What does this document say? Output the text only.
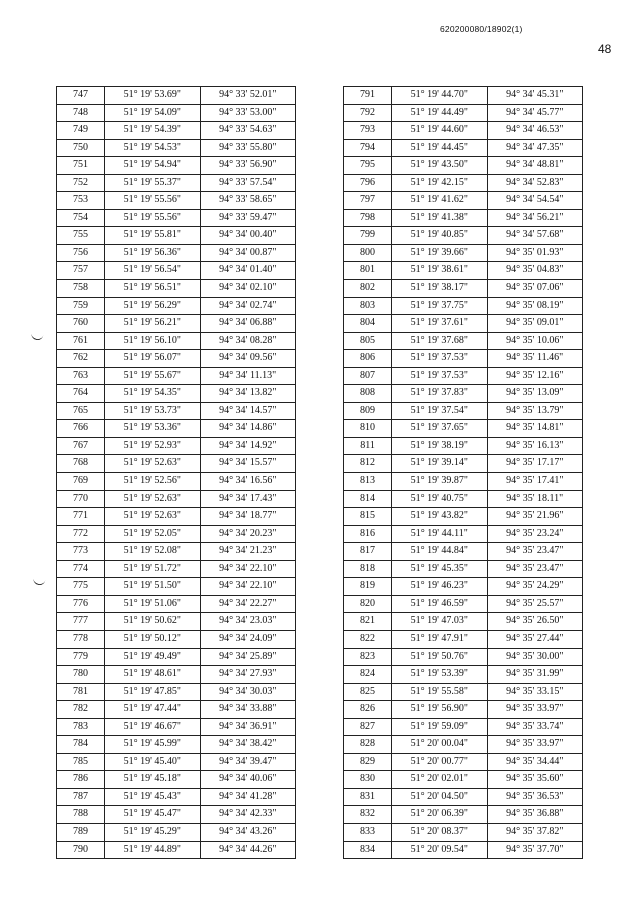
620200080/18902(1)
48
747	51° 19' 53.69"	94° 33' 52.01"
748	51° 19' 54.09"	94° 33' 53.00"
749	51° 19' 54.39"	94° 33' 54.63"
750	51° 19' 54.53"	94° 33' 55.80"
751	51° 19' 54.94"	94° 33' 56.90"
752	51° 19' 55.37"	94° 33' 57.54"
753	51° 19' 55.56"	94° 33' 58.65"
754	51° 19' 55.56"	94° 33' 59.47"
755	51° 19' 55.81"	94° 34' 00.40"
756	51° 19' 56.36"	94° 34' 00.87"
757	51° 19' 56.54"	94° 34' 01.40"
758	51° 19' 56.51"	94° 34' 02.10"
759	51° 19' 56.29"	94° 34' 02.74"
760	51° 19' 56.21"	94° 34' 06.88"
761	51° 19' 56.10"	94° 34' 08.28"
762	51° 19' 56.07"	94° 34' 09.56"
763	51° 19' 55.67"	94° 34' 11.13"
764	51° 19' 54.35"	94° 34' 13.82"
765	51° 19' 53.73"	94° 34' 14.57"
766	51° 19' 53.36"	94° 34' 14.86"
767	51° 19' 52.93"	94° 34' 14.92"
768	51° 19' 52.63"	94° 34' 15.57"
769	51° 19' 52.56"	94° 34' 16.56"
770	51° 19' 52.63"	94° 34' 17.43"
771	51° 19' 52.63"	94° 34' 18.77"
772	51° 19' 52.05"	94° 34' 20.23"
773	51° 19' 52.08"	94° 34' 21.23"
774	51° 19' 51.72"	94° 34' 22.10"
775	51° 19' 51.50"	94° 34' 22.10"
776	51° 19' 51.06"	94° 34' 22.27"
777	51° 19' 50.62"	94° 34' 23.03"
778	51° 19' 50.12"	94° 34' 24.09"
779	51° 19' 49.49"	94° 34' 25.89"
780	51° 19' 48.61"	94° 34' 27.93"
781	51° 19' 47.85"	94° 34' 30.03"
782	51° 19' 47.44"	94° 34' 33.88"
783	51° 19' 46.67"	94° 34' 36.91"
784	51° 19' 45.99"	94° 34' 38.42"
785	51° 19' 45.40"	94° 34' 39.47"
786	51° 19' 45.18"	94° 34' 40.06"
787	51° 19' 45.43"	94° 34' 41.28"
788	51° 19' 45.47"	94° 34' 42.33"
789	51° 19' 45.29"	94° 34' 43.26"
790	51° 19' 44.89"	94° 34' 44.26"
791	51° 19' 44.70"	94° 34' 45.31"
792	51° 19' 44.49"	94° 34' 45.77"
793	51° 19' 44.60"	94° 34' 46.53"
794	51° 19' 44.45"	94° 34' 47.35"
795	51° 19' 43.50"	94° 34' 48.81"
796	51° 19' 42.15"	94° 34' 52.83"
797	51° 19' 41.62"	94° 34' 54.54"
798	51° 19' 41.38"	94° 34' 56.21"
799	51° 19' 40.85"	94° 34' 57.68"
800	51° 19' 39.66"	94° 35' 01.93"
801	51° 19' 38.61"	94° 35' 04.83"
802	51° 19' 38.17"	94° 35' 07.06"
803	51° 19' 37.75"	94° 35' 08.19"
804	51° 19' 37.61"	94° 35' 09.01"
805	51° 19' 37.68"	94° 35' 10.06"
806	51° 19' 37.53"	94° 35' 11.46"
807	51° 19' 37.53"	94° 35' 12.16"
808	51° 19' 37.83"	94° 35' 13.09"
809	51° 19' 37.54"	94° 35' 13.79"
810	51° 19' 37.65"	94° 35' 14.81"
811	51° 19' 38.19"	94° 35' 16.13"
812	51° 19' 39.14"	94° 35' 17.17"
813	51° 19' 39.87"	94° 35' 17.41"
814	51° 19' 40.75"	94° 35' 18.11"
815	51° 19' 43.82"	94° 35' 21.96"
816	51° 19' 44.11"	94° 35' 23.24"
817	51° 19' 44.84"	94° 35' 23.47"
818	51° 19' 45.35"	94° 35' 23.47"
819	51° 19' 46.23"	94° 35' 24.29"
820	51° 19' 46.59"	94° 35' 25.57"
821	51° 19' 47.03"	94° 35' 26.50"
822	51° 19' 47.91"	94° 35' 27.44"
823	51° 19' 50.76"	94° 35' 30.00"
824	51° 19' 53.39"	94° 35' 31.99"
825	51° 19' 55.58"	94° 35' 33.15"
826	51° 19' 56.90"	94° 35' 33.97"
827	51° 19' 59.09"	94° 35' 33.74"
828	51° 20' 00.04"	94° 35' 33.97"
829	51° 20' 00.77"	94° 35' 34.44"
830	51° 20' 02.01"	94° 35' 35.60"
831	51° 20' 04.50"	94° 35' 36.53"
832	51° 20' 06.39"	94° 35' 36.88"
833	51° 20' 08.37"	94° 35' 37.82"
834	51° 20' 09.54"	94° 35' 37.70"
